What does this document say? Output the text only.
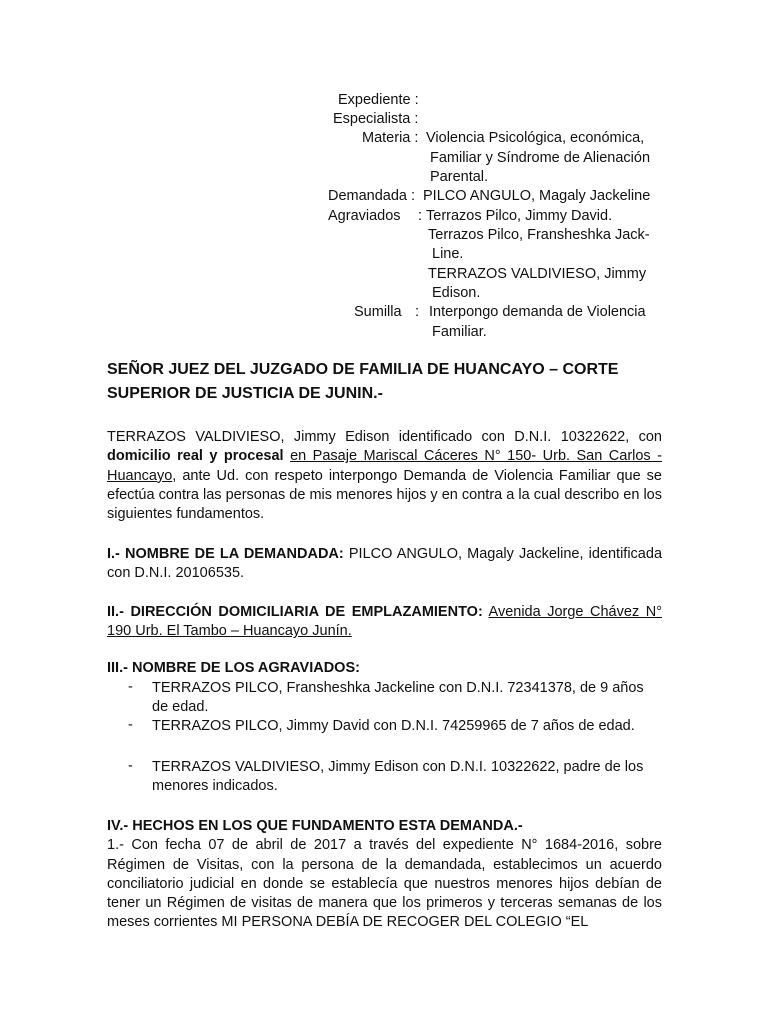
Expediente :
Especialista :
Materia : Violencia Psicológica, económica,
Familiar y Síndrome de Alienación
Parental.
Demandada : PILCO ANGULO, Magaly Jackeline
Agraviados : Terrazos Pilco, Jimmy David.
Terrazos Pilco, Fransheshka Jack-
Line.
TERRAZOS VALDIVIESO, Jimmy
Edison.
Sumilla : Interpongo demanda de Violencia
Familiar.
SEÑOR JUEZ DEL JUZGADO DE FAMILIA DE HUANCAYO – CORTE
SUPERIOR DE JUSTICIA DE JUNIN.-
TERRAZOS VALDIVIESO, Jimmy Edison identificado con D.N.I. 10322622, con domicilio real y procesal en Pasaje Mariscal Cáceres N° 150- Urb. San Carlos - Huancayo, ante Ud. con respeto interpongo Demanda de Violencia Familiar que se efectúa contra las personas de mis menores hijos y en contra a la cual describo en los siguientes fundamentos.
I.- NOMBRE DE LA DEMANDADA: PILCO ANGULO, Magaly Jackeline, identificada con D.N.I. 20106535.
II.- DIRECCIÓN DOMICILIARIA DE EMPLAZAMIENTO: Avenida Jorge Chávez N° 190 Urb. El Tambo – Huancayo Junín.
III.- NOMBRE DE LOS AGRAVIADOS:
- TERRAZOS PILCO, Fransheshka Jackeline con D.N.I. 72341378, de 9 años de edad.
- TERRAZOS PILCO, Jimmy David con D.N.I. 74259965 de 7 años de edad.
- TERRAZOS VALDIVIESO, Jimmy Edison con D.N.I. 10322622, padre de los menores indicados.
IV.- HECHOS EN LOS QUE FUNDAMENTO ESTA DEMANDA.-
1.- Con fecha 07 de abril de 2017 a través del expediente N° 1684-2016, sobre Régimen de Visitas, con la persona de la demandada, establecimos un acuerdo conciliatorio judicial en donde se establecía que nuestros menores hijos debían de tener un Régimen de visitas de manera que los primeros y terceras semanas de los meses corrientes MI PERSONA DEBÍA DE RECOGER DEL COLEGIO “EL
